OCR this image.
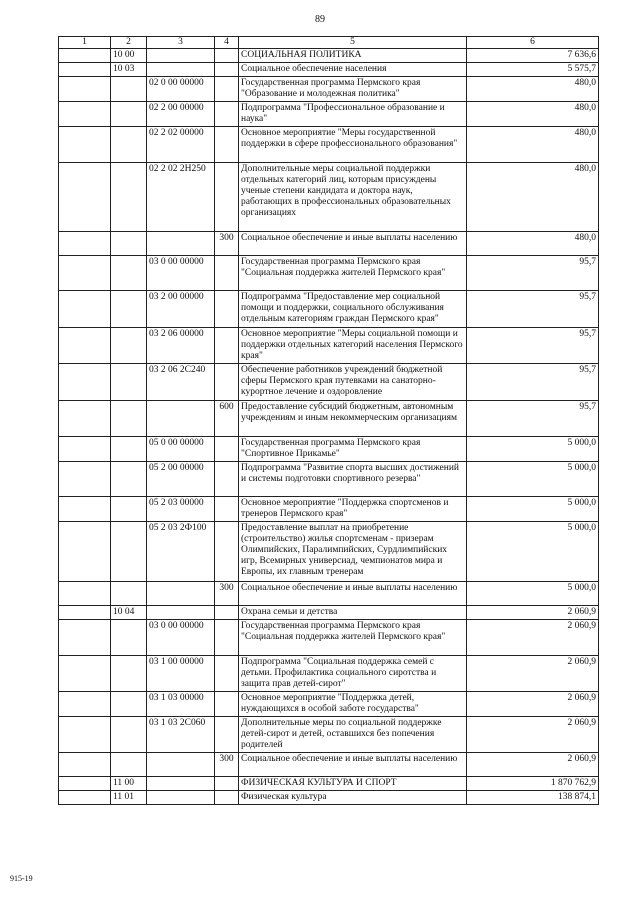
89
1	2	3	4	5	6
	10 00			СОЦИАЛЬНАЯ ПОЛИТИКА	7 636,6
	10 03			Социальное обеспечение населения	5 575,7
		02 0 00 00000		Государственная программа Пермского края "Образование и молодежная политика"	480,0
		02 2 00 00000		Подпрограмма "Профессиональное образование и наука"	480,0
		02 2 02 00000		Основное мероприятие "Меры государственной поддержки в сфере профессионального образования"	480,0
		02 2 02 2Н250		Дополнительные меры социальной поддержки отдельных категорий лиц, которым присуждены ученые степени кандидата и доктора наук, работающих в профессиональных образовательных организациях	480,0
			300	Социальное обеспечение и иные выплаты населению	480,0
		03 0 00 00000		Государственная программа Пермского края "Социальная поддержка жителей Пермского края"	95,7
		03 2 00 00000		Подпрограмма "Предоставление мер социальной помощи и поддержки, социального обслуживания отдельным категориям граждан Пермского края"	95,7
		03 2 06 00000		Основное мероприятие "Меры социальной помощи и поддержки отдельных категорий населения Пермского края"	95,7
		03 2 06 2С240		Обеспечение работников учреждений бюджетной сферы Пермского края путевками на санаторно-курортное лечение и оздоровление	95,7
			600	Предоставление субсидий бюджетным, автономным учреждениям и иным некоммерческим организациям	95,7
		05 0 00 00000		Государственная программа Пермского края "Спортивное Прикамье"	5 000,0
		05 2 00 00000		Подпрограмма "Развитие спорта высших достижений и системы подготовки спортивного резерва"	5 000,0
		05 2 03 00000		Основное мероприятие "Поддержка спортсменов и тренеров Пермского края"	5 000,0
		05 2 03 2Ф100		Предоставление выплат на приобретение (строительство) жилья спортсменам - призерам Олимпийских, Паралимпийских, Сурдлимпийских игр, Всемирных универсиад, чемпионатов мира и Европы, их главным тренерам	5 000,0
			300	Социальное обеспечение и иные выплаты населению	5 000,0
	10 04			Охрана семьи и детства	2 060,9
		03 0 00 00000		Государственная программа Пермского края "Социальная поддержка жителей Пермского края"	2 060,9
		03 1 00 00000		Подпрограмма "Социальная поддержка семей с детьми. Профилактика социального сиротства и защита прав детей-сирот"	2 060,9
		03 1 03 00000		Основное мероприятие "Поддержка детей, нуждающихся в особой заботе государства"	2 060,9
		03 1 03 2С060		Дополнительные меры по социальной поддержке детей-сирот и детей, оставшихся без попечения родителей	2 060,9
			300	Социальное обеспечение и иные выплаты населению	2 060,9
	11 00			ФИЗИЧЕСКАЯ КУЛЬТУРА И СПОРТ	1 870 762,9
	11 01			Физическая культура	138 874,1
915-19
